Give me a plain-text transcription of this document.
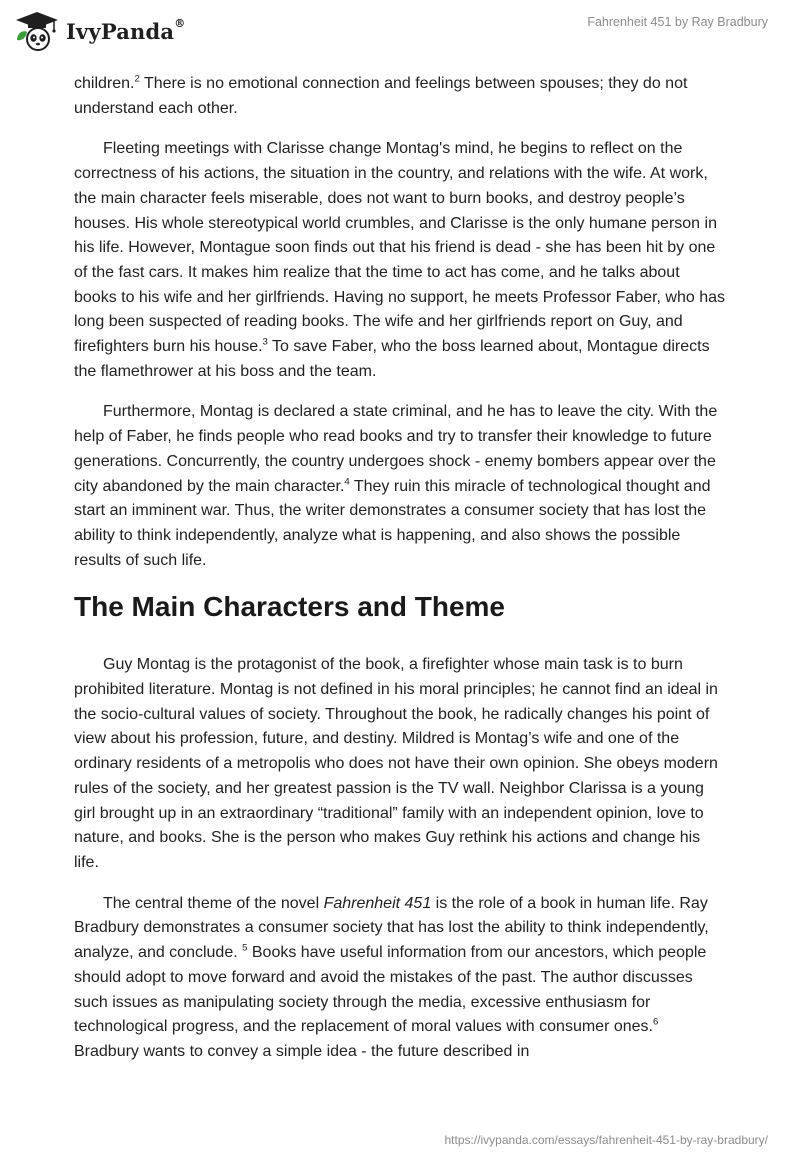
IvyPanda®	Fahrenheit 451 by Ray Bradbury

children.$^2$ There is no emotional connection and feelings between spouses; they do not understand each other.

Fleeting meetings with Clarisse change Montag's mind, he begins to reflect on the correctness of his actions, the situation in the country, and relations with the wife. At work, the main character feels miserable, does not want to burn books, and destroy people’s houses. His whole stereotypical world crumbles, and Clarisse is the only humane person in his life. However, Montague soon finds out that his friend is dead - she has been hit by one of the fast cars. It makes him realize that the time to act has come, and he talks about books to his wife and her girlfriends. Having no support, he meets Professor Faber, who has long been suspected of reading books. The wife and her girlfriends report on Guy, and firefighters burn his house.$^3$ To save Faber, who the boss learned about, Montague directs the flamethrower at his boss and the team.

Furthermore, Montag is declared a state criminal, and he has to leave the city. With the help of Faber, he finds people who read books and try to transfer their knowledge to future generations. Concurrently, the country undergoes shock - enemy bombers appear over the city abandoned by the main character.$^4$ They ruin this miracle of technological thought and start an imminent war. Thus, the writer demonstrates a consumer society that has lost the ability to think independently, analyze what is happening, and also shows the possible results of such life.

The Main Characters and Theme

Guy Montag is the protagonist of the book, a firefighter whose main task is to burn prohibited literature. Montag is not defined in his moral principles; he cannot find an ideal in the socio-cultural values of society. Throughout the book, he radically changes his point of view about his profession, future, and destiny. Mildred is Montag’s wife and one of the ordinary residents of a metropolis who does not have their own opinion. She obeys modern rules of the society, and her greatest passion is the TV wall. Neighbor Clarissa is a young girl brought up in an extraordinary “traditional” family with an independent opinion, love to nature, and books. She is the person who makes Guy rethink his actions and change his life.

The central theme of the novel Fahrenheit 451 is the role of a book in human life. Ray Bradbury demonstrates a consumer society that has lost the ability to think independently, analyze, and conclude. $^5$ Books have useful information from our ancestors, which people should adopt to move forward and avoid the mistakes of the past. The author discusses such issues as manipulating society through the media, excessive enthusiasm for technological progress, and the replacement of moral values with consumer ones.$^6$ Bradbury wants to convey a simple idea - the future described in

https://ivypanda.com/essays/fahrenheit-451-by-ray-bradbury/
